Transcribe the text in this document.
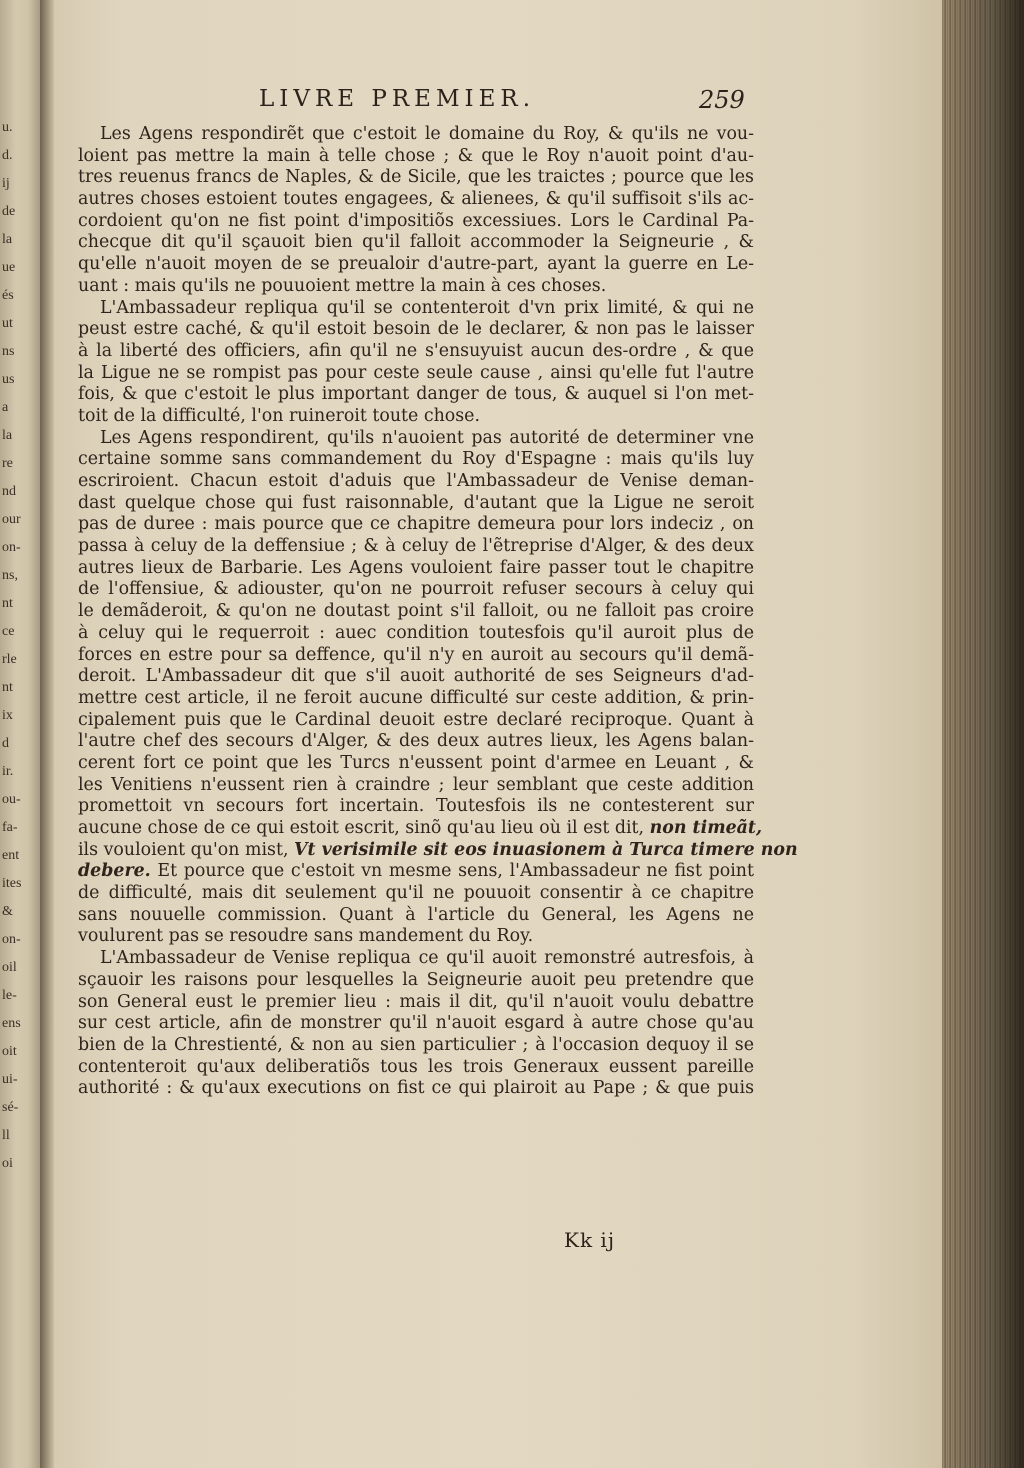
u.
d.
ij
de
la
ue
és
ut
ns
us
a
la
re
nd
our
on-
ns,
nt
ce
rle
nt
ix
d
ir.
ou-
fa-
ent
ites
&
on-
oil
le-
ens
oit
ui-
sé-
ll
oi
LIVRE PREMIER.	259
Les Agens respondirẽt que c'estoit le domaine du Roy, & qu'ils ne vou-
loient pas mettre la main à telle chose ; & que le Roy n'auoit point d'au-
tres reuenus francs de Naples, & de Sicile, que les traictes ; pource que les
autres choses estoient toutes engagees, & alienees, & qu'il suffisoit s'ils ac-
cordoient qu'on ne fist point d'impositiõs excessiues. Lors le Cardinal Pa-
checque dit qu'il sçauoit bien qu'il falloit accommoder la Seigneurie , &
qu'elle n'auoit moyen de se preualoir d'autre-part, ayant la guerre en Le-
uant : mais qu'ils ne pouuoient mettre la main à ces choses.
L'Ambassadeur repliqua qu'il se contenteroit d'vn prix limité, & qui ne
peust estre caché, & qu'il estoit besoin de le declarer, & non pas le laisser
à la liberté des officiers, afin qu'il ne s'ensuyuist aucun des-ordre , & que
la Ligue ne se rompist pas pour ceste seule cause , ainsi qu'elle fut l'autre
fois, & que c'estoit le plus important danger de tous, & auquel si l'on met-
toit de la difficulté, l'on ruineroit toute chose.
Les Agens respondirent, qu'ils n'auoient pas autorité de determiner vne
certaine somme sans commandement du Roy d'Espagne : mais qu'ils luy
escriroient. Chacun estoit d'aduis que l'Ambassadeur de Venise deman-
dast quelque chose qui fust raisonnable, d'autant que la Ligue ne seroit
pas de duree : mais pource que ce chapitre demeura pour lors indeciz , on
passa à celuy de la deffensiue ; & à celuy de l'ẽtreprise d'Alger, & des deux
autres lieux de Barbarie. Les Agens vouloient faire passer tout le chapitre
de l'offensiue, & adiouster, qu'on ne pourroit refuser secours à celuy qui
le demãderoit, & qu'on ne doutast point s'il falloit, ou ne falloit pas croire
à celuy qui le requerroit : auec condition toutesfois qu'il auroit plus de
forces en estre pour sa deffence, qu'il n'y en auroit au secours qu'il demã-
deroit. L'Ambassadeur dit que s'il auoit authorité de ses Seigneurs d'ad-
mettre cest article, il ne feroit aucune difficulté sur ceste addition, & prin-
cipalement puis que le Cardinal deuoit estre declaré reciproque. Quant à
l'autre chef des secours d'Alger, & des deux autres lieux, les Agens balan-
cerent fort ce point que les Turcs n'eussent point d'armee en Leuant , &
les Venitiens n'eussent rien à craindre ; leur semblant que ceste addition
promettoit vn secours fort incertain. Toutesfois ils ne contesterent sur
aucune chose de ce qui estoit escrit, sinõ qu'au lieu où il est dit, non timeãt,
ils vouloient qu'on mist, Vt verisimile sit eos inuasionem à Turca timere non
debere. Et pource que c'estoit vn mesme sens, l'Ambassadeur ne fist point
de difficulté, mais dit seulement qu'il ne pouuoit consentir à ce chapitre
sans nouuelle commission. Quant à l'article du General, les Agens ne
voulurent pas se resoudre sans mandement du Roy.
L'Ambassadeur de Venise repliqua ce qu'il auoit remonstré autresfois, à
sçauoir les raisons pour lesquelles la Seigneurie auoit peu pretendre que
son General eust le premier lieu : mais il dit, qu'il n'auoit voulu debattre
sur cest article, afin de monstrer qu'il n'auoit esgard à autre chose qu'au
bien de la Chrestienté, & non au sien particulier ; à l'occasion dequoy il se
contenteroit qu'aux deliberatiõs tous les trois Generaux eussent pareille
authorité : & qu'aux executions on fist ce qui plairoit au Pape ; & que puis
Kk ij
